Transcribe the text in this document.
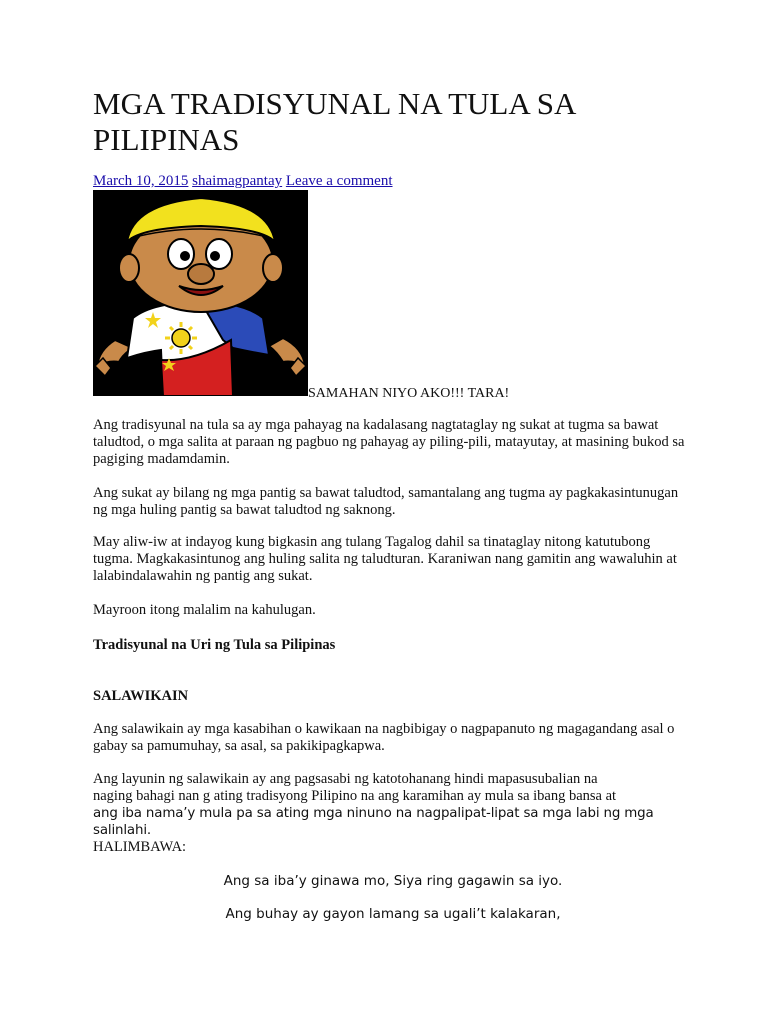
MGA TRADISYUNAL NA TULA SA PILIPINAS
March 10, 2015 shaimagpantay Leave a comment
SAMAHAN NIYO AKO!!! TARA!

Ang tradisyunal na tula sa ay mga pahayag na kadalasang nagtataglay ng sukat at tugma sa bawat taludtod, o mga salita at paraan ng pagbuo ng pahayag ay piling-pili, matayutay, at masining bukod sa pagiging madamdamin.

Ang sukat ay bilang ng mga pantig sa bawat taludtod, samantalang ang tugma ay pagkakasintunugan ng mga huling pantig sa bawat taludtod ng saknong.

May aliw-iw at indayog kung bigkasin ang tulang Tagalog dahil sa tinataglay nitong katutubong tugma. Magkakasintunog ang huling salita ng taludturan. Karaniwan nang gamitin ang wawaluhin at lalabindalawahin ng pantig ang sukat.

Mayroon itong malalim na kahulugan.

Tradisyunal na Uri ng Tula sa Pilipinas

SALAWIKAIN

Ang salawikain ay mga kasabihan o kawikaan na nagbibigay o nagpapanuto ng magagandang asal o gabay sa pamumuhay, sa asal, sa pakikipagkapwa.

Ang layunin ng salawikain ay ang pagsasabi ng katotohanang hindi mapasusubalian na
naging bahagi nan g ating tradisyong Pilipino na ang karamihan ay mula sa ibang bansa at
ang iba nama’y mula pa sa ating mga ninuno na nagpalipat-lipat sa mga labi ng mga salinlahi.

HALIMBAWA:

Ang sa iba’y ginawa mo, Siya ring gagawin sa iyo.

Ang buhay ay gayon lamang sa ugali’t kalakaran,
